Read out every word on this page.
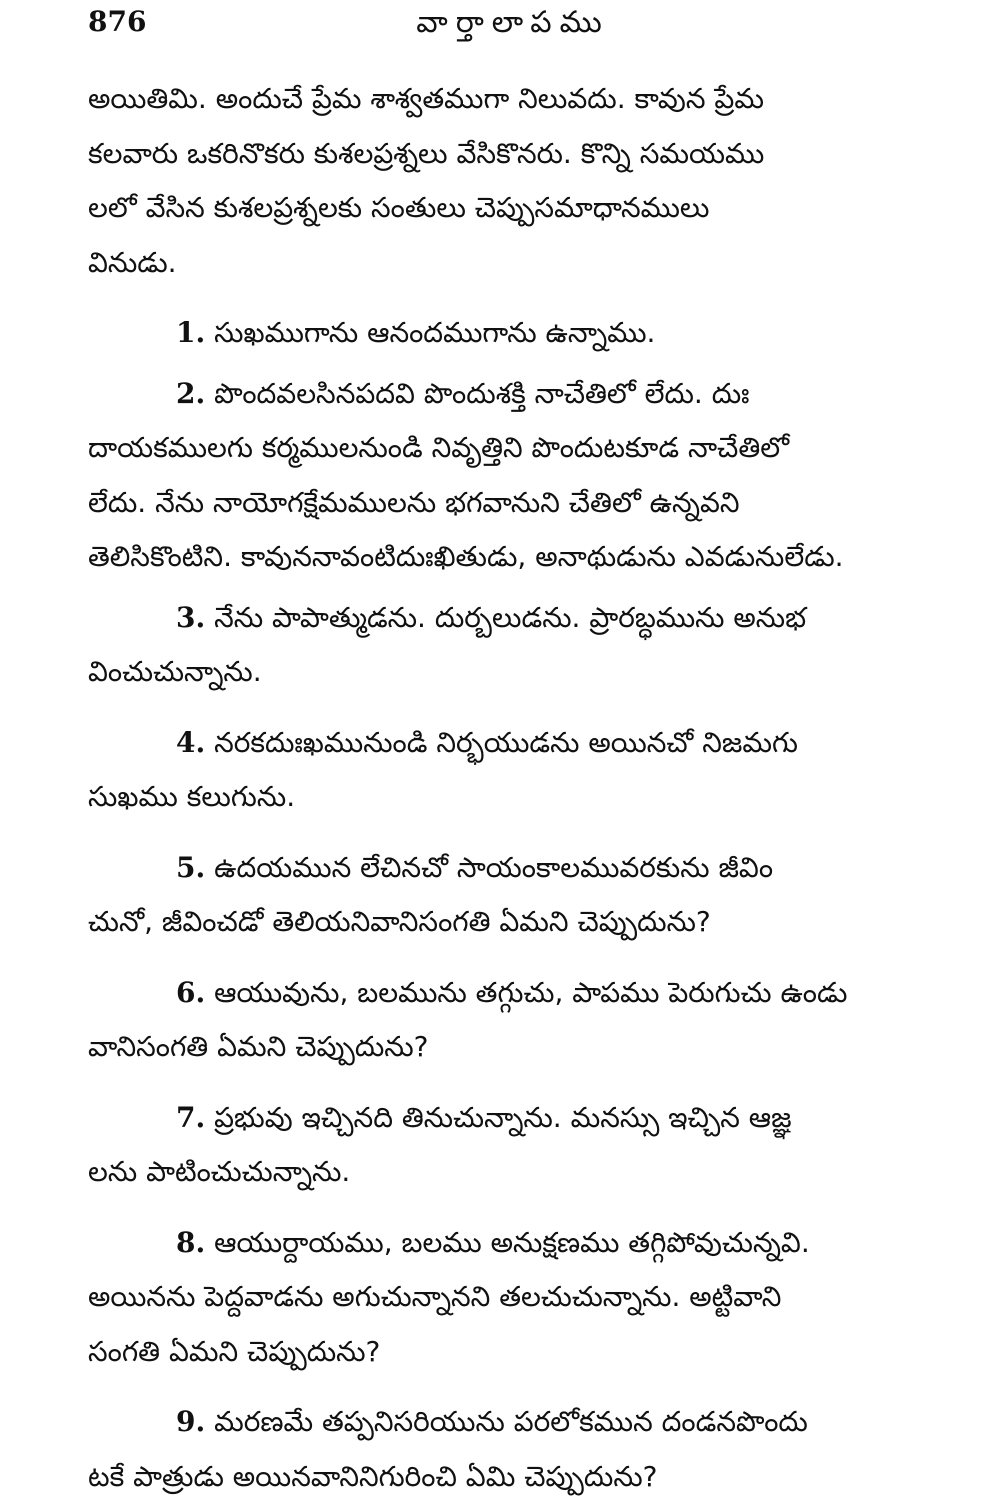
876	వార్తాలాపము
అయితిమి. అందుచే ప్రేమ శాశ్వతముగా నిలువదు. కావున ప్రేమ
కలవారు ఒకరినొకరు కుశలప్రశ్నలు వేసికొనరు. కొన్ని సమయము
లలో వేసిన కుశలప్రశ్నలకు సంతులు చెప్పుసమాధానములు
వినుడు.
1. సుఖముగాను ఆనందముగాను ఉన్నాము.
2. పొందవలసినపదవి పొందుశక్తి నాచేతిలో లేదు. దుః
దాయకములగు కర్మములనుండి నివృత్తిని పొందుటకూడ నాచేతిలో
లేదు. నేను నాయోగక్షేమములను భగవానుని చేతిలో ఉన్నవని
తెలిసికొంటిని. కావుననావంటిదుఃఖితుడు, అనాథుడును ఎవడునులేడు.
3. నేను పాపాత్ముడను. దుర్బలుడను. ప్రారబ్ధమును అనుభ
వించుచున్నాను.
4. నరకదుఃఖమునుండి నిర్భయుడను అయినచో నిజమగు
సుఖము కలుగును.
5. ఉదయమున లేచినచో సాయంకాలమువరకును జీవిం
చునో, జీవించడో తెలియనివానిసంగతి ఏమని చెప్పుదును?
6. ఆయువును, బలమును తగ్గుచు, పాపము పెరుగుచు ఉండు
వానిసంగతి ఏమని చెప్పుదును?
7. ప్రభువు ఇచ్చినది తినుచున్నాను. మనస్సు ఇచ్చిన ఆజ్ఞ
లను పాటించుచున్నాను.
8. ఆయుర్దాయము, బలము అనుక్షణము తగ్గిపోవుచున్నవి.
అయినను పెద్దవాడను అగుచున్నానని తలచుచున్నాను. అట్టివాని
సంగతి ఏమని చెప్పుదును?
9. మరణమే తప్పనిసరియును పరలోకమున దండనపొందు
టకే పాత్రుడు అయినవానినిగురించి ఏమి చెప్పుదును?
